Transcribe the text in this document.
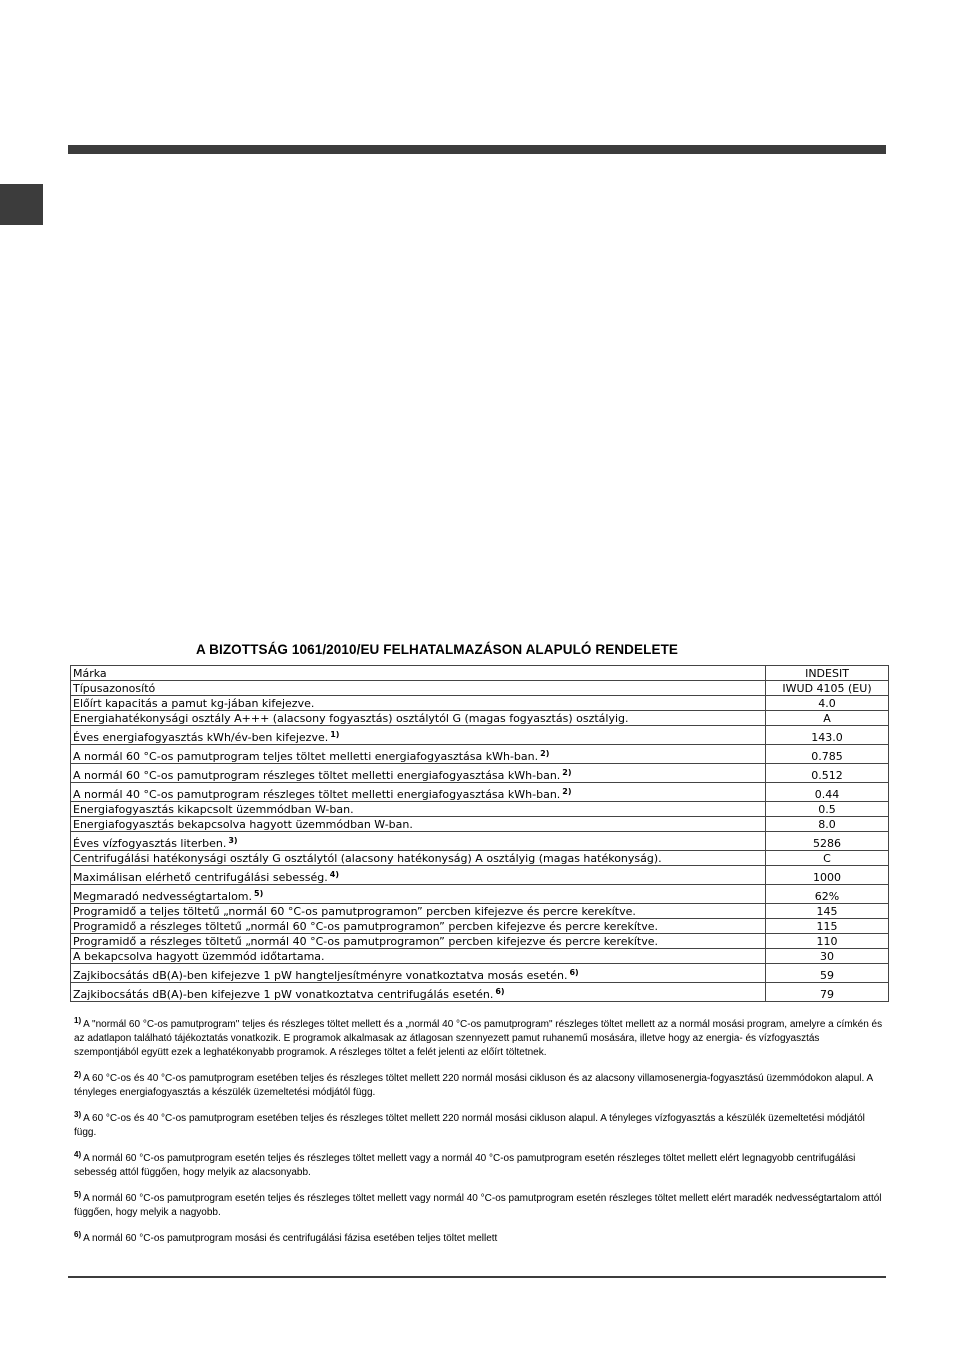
A BIZOTTSÁG 1061/2010/EU FELHATALMAZÁSON ALAPULÓ RENDELETE
Márka	INDESIT
Típusazonosító	IWUD 4105 (EU)
Előírt kapacitás a pamut kg-jában kifejezve.	4.0
Energiahatékonysági osztály A+++ (alacsony fogyasztás) osztálytól G (magas fogyasztás) osztályig.	A
Éves energiafogyasztás kWh/év-ben kifejezve. $^{1)}$	143.0
A normál 60 °C-os pamutprogram teljes töltet melletti energiafogyasztása kWh-ban. $^{2)}$	0.785
A normál 60 °C-os pamutprogram részleges töltet melletti energiafogyasztása kWh-ban. $^{2)}$	0.512
A normál 40 °C-os pamutprogram részleges töltet melletti energiafogyasztása kWh-ban. $^{2)}$	0.44
Energiafogyasztás kikapcsolt üzemmódban W-ban.	0.5
Energiafogyasztás bekapcsolva hagyott üzemmódban W-ban.	8.0
Éves vízfogyasztás literben. $^{3)}$	5286
Centrifugálási hatékonysági osztály G osztálytól (alacsony hatékonyság) A osztályig (magas hatékonyság).	C
Maximálisan elérhető centrifugálási sebesség. $^{4)}$	1000
Megmaradó nedvességtartalom. $^{5)}$	62%
Programidő a teljes töltetű „normál 60 °C-os pamutprogramon” percben kifejezve és percre kerekítve.	145
Programidő a részleges töltetű „normál 60 °C-os pamutprogramon” percben kifejezve és percre kerekítve.	115
Programidő a részleges töltetű „normál 40 °C-os pamutprogramon” percben kifejezve és percre kerekítve.	110
A bekapcsolva hagyott üzemmód időtartama.	30
Zajkibocsátás dB(A)-ben kifejezve 1 pW hangteljesítményre vonatkoztatva mosás esetén. $^{6)}$	59
Zajkibocsátás dB(A)-ben kifejezve 1 pW vonatkoztatva centrifugálás esetén. $^{6)}$	79

$^{1)}$ A "normál 60 °C-os pamutprogram" teljes és részleges töltet mellett és a „normál 40 °C-os pamutprogram" részleges töltet mellett az a normál mosási program, amelyre a címkén és az adatlapon található tájékoztatás vonatkozik. E programok alkalmasak az átlagosan szennyezett pamut ruhanemű mosására, illetve hogy az energia- és vízfogyasztás szempontjából együtt ezek a leghatékonyabb programok. A részleges töltet a felét jelenti az előírt töltetnek.

$^{2)}$ A 60 °C-os és 40 °C-os pamutprogram esetében teljes és részleges töltet mellett 220 normál mosási cikluson és az alacsony villamosenergia-fogyasztású üzemmódokon alapul. A tényleges energiafogyasztás a készülék üzemeltetési módjától függ.

$^{3)}$ A 60 °C-os és 40 °C-os pamutprogram esetében teljes és részleges töltet mellett 220 normál mosási cikluson alapul. A tényleges vízfogyasztás a készülék üzemeltetési módjától függ.

$^{4)}$ A normál 60 °C-os pamutprogram esetén teljes és részleges töltet mellett vagy a normál 40 °C-os pamutprogram esetén részleges töltet mellett elért legnagyobb centrifugálási sebesség attól függően, hogy melyik az alacsonyabb.

$^{5)}$ A normál 60 °C-os pamutprogram esetén teljes és részleges töltet mellett vagy normál 40 °C-os pamutprogram esetén részleges töltet mellett elért maradék nedvességtartalom attól függően, hogy melyik a nagyobb.

$^{6)}$ A normál 60 °C-os pamutprogram mosási és centrifugálási fázisa esetében teljes töltet mellett
